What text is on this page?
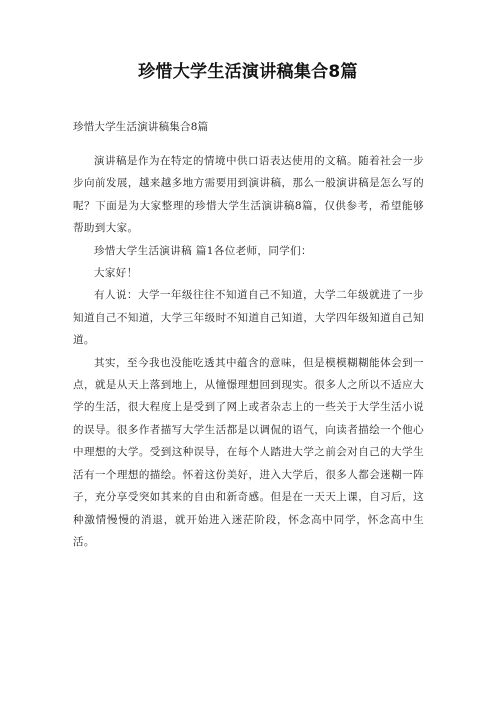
珍惜大学生活演讲稿集合8篇
珍惜大学生活演讲稿集合8篇

演讲稿是作为在特定的情境中供口语表达使用的文稿。随着社会一步步向前发展，越来越多地方需要用到演讲稿，那么一般演讲稿是怎么写的呢？下面是为大家整理的珍惜大学生活演讲稿8篇，仅供参考，希望能够帮助到大家。

珍惜大学生活演讲稿 篇1各位老师，同学们：

大家好！

有人说：大学一年级往往不知道自己不知道，大学二年级就进了一步知道自己不知道，大学三年级时不知道自己知道，大学四年级知道自己知道。

其实，至今我也没能吃透其中蕴含的意味，但是模模糊糊能体会到一点，就是从天上落到地上，从憧憬理想回到现实。很多人之所以不适应大学的生活，很大程度上是受到了网上或者杂志上的一些关于大学生活小说的误导。很多作者描写大学生活都是以调侃的语气，向读者描绘一个他心中理想的大学。受到这种误导，在每个人踏进大学之前会对自己的大学生活有一个理想的描绘。怀着这份美好，进入大学后，很多人都会迷糊一阵子，充分享受突如其来的自由和新奇感。但是在一天天上课，自习后，这种激情慢慢的消退，就开始进入迷茫阶段，怀念高中同学，怀念高中生活。
